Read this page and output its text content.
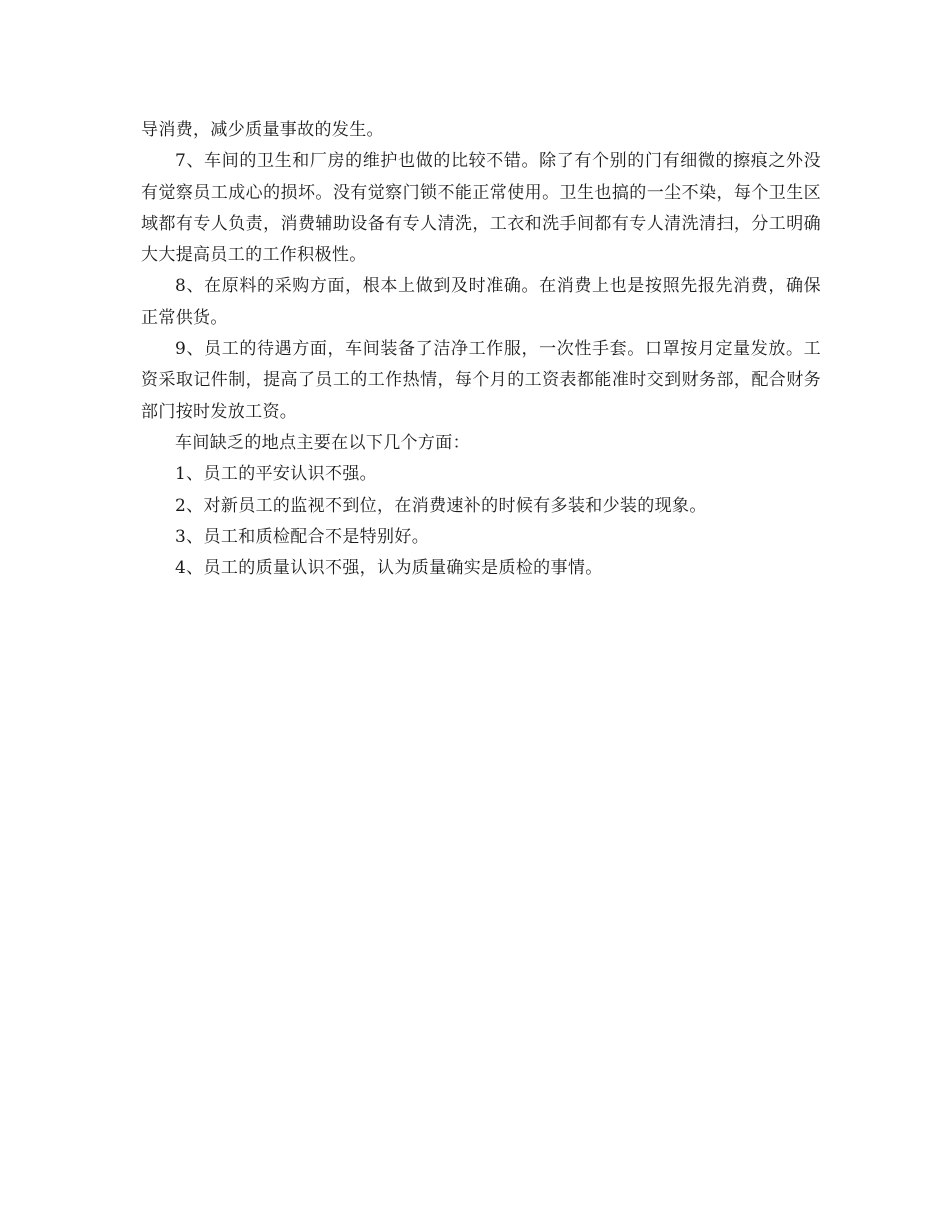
导消费，减少质量事故的发生。

7、车间的卫生和厂房的维护也做的比较不错。除了有个别的门有细微的擦痕之外没有觉察员工成心的损坏。没有觉察门锁不能正常使用。卫生也搞的一尘不染，每个卫生区域都有专人负责，消费辅助设备有专人清洗，工衣和洗手间都有专人清洗清扫，分工明确大大提高员工的工作积极性。

8、在原料的采购方面，根本上做到及时准确。在消费上也是按照先报先消费，确保正常供货。

9、员工的待遇方面，车间装备了洁净工作服，一次性手套。口罩按月定量发放。工资采取记件制，提高了员工的工作热情，每个月的工资表都能准时交到财务部，配合财务部门按时发放工资。

车间缺乏的地点主要在以下几个方面：

1、员工的平安认识不强。

2、对新员工的监视不到位，在消费速补的时候有多装和少装的现象。

3、员工和质检配合不是特别好。

4、员工的质量认识不强，认为质量确实是质检的事情。
